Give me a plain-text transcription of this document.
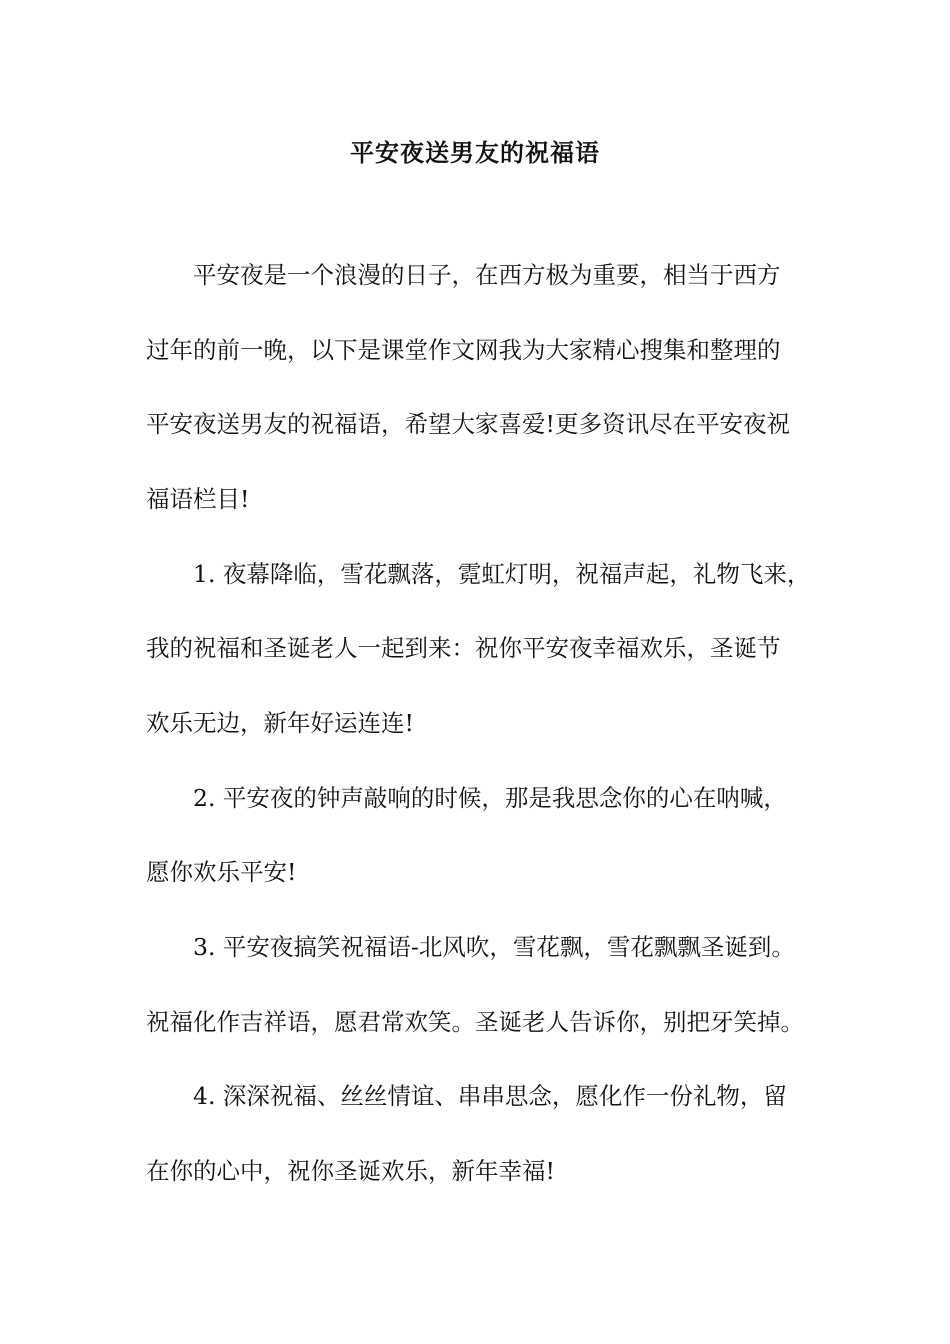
平安夜送男友的祝福语
平安夜是一个浪漫的日子，在西方极为重要，相当于西方
过年的前一晚，以下是课堂作文网我为大家精心搜集和整理的
平安夜送男友的祝福语，希望大家喜爱!更多资讯尽在平安夜祝
福语栏目!
1. 夜幕降临，雪花飘落，霓虹灯明，祝福声起，礼物飞来，
我的祝福和圣诞老人一起到来：祝你平安夜幸福欢乐，圣诞节
欢乐无边，新年好运连连!
2. 平安夜的钟声敲响的时候，那是我思念你的心在呐喊，
愿你欢乐平安!
3. 平安夜搞笑祝福语-北风吹，雪花飘，雪花飘飘圣诞到。
祝福化作吉祥语，愿君常欢笑。圣诞老人告诉你，别把牙笑掉。
4. 深深祝福、丝丝情谊、串串思念，愿化作一份礼物，留
在你的心中，祝你圣诞欢乐，新年幸福!
